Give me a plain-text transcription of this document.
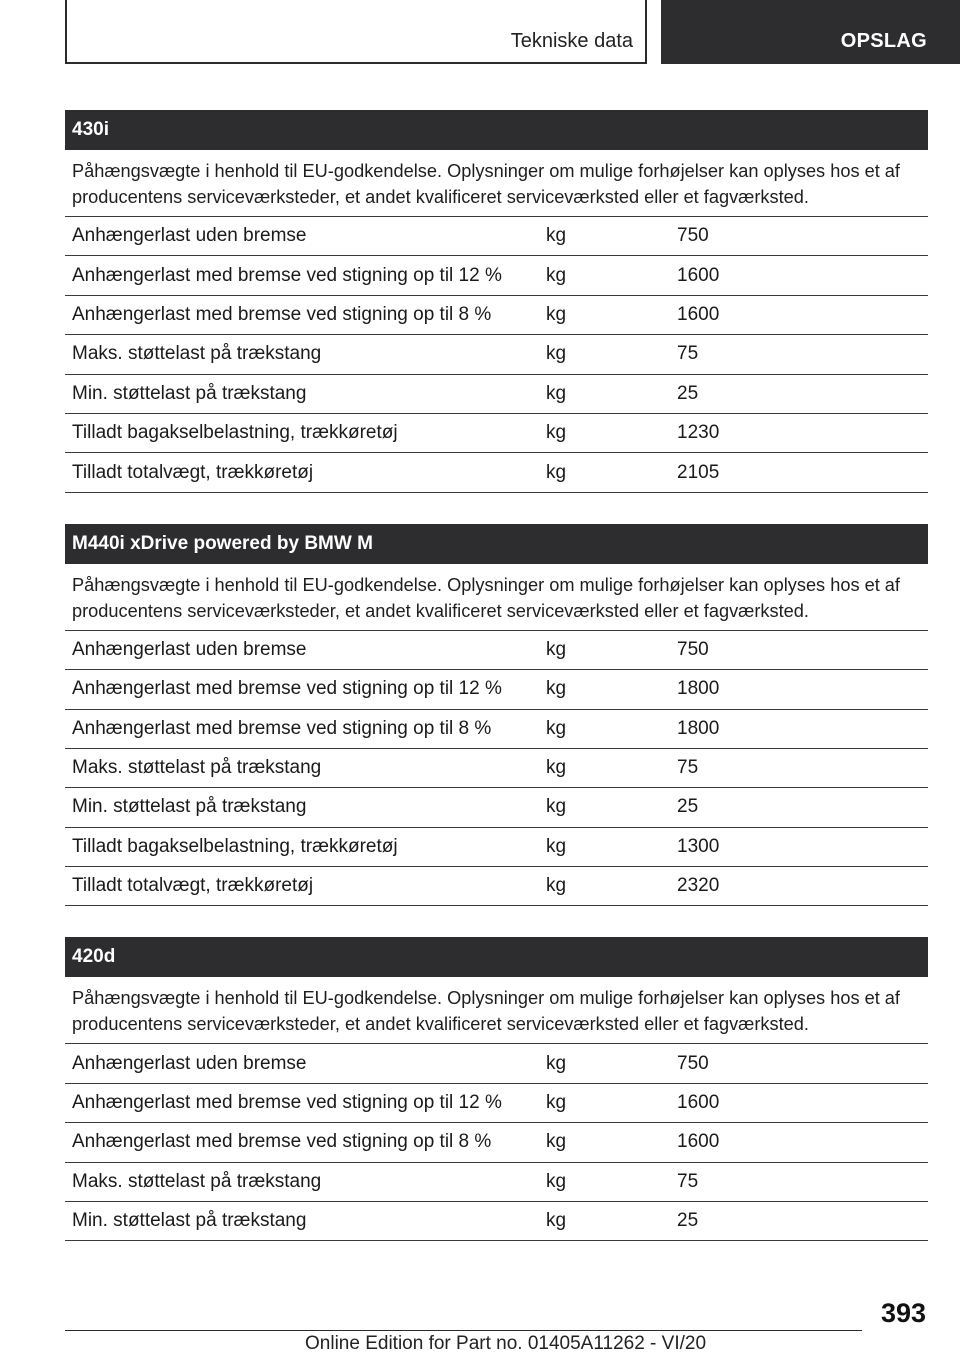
Tekniske data	OPSLAG
430i
Påhængsvægte i henhold til EU-godkendelse. Oplysninger om mulige forhøjelser kan oplyses hos et af producentens serviceværksteder, et andet kvalificeret serviceværksted eller et fagværksted.
Anhængerlast uden bremse	kg	750
Anhængerlast med bremse ved stigning op til 12 %	kg	1600
Anhængerlast med bremse ved stigning op til 8 %	kg	1600
Maks. støttelast på trækstang	kg	75
Min. støttelast på trækstang	kg	25
Tilladt bagakselbelastning, trækkøretøj	kg	1230
Tilladt totalvægt, trækkøretøj	kg	2105
M440i xDrive powered by BMW M
Påhængsvægte i henhold til EU-godkendelse. Oplysninger om mulige forhøjelser kan oplyses hos et af producentens serviceværksteder, et andet kvalificeret serviceværksted eller et fagværksted.
Anhængerlast uden bremse	kg	750
Anhængerlast med bremse ved stigning op til 12 %	kg	1800
Anhængerlast med bremse ved stigning op til 8 %	kg	1800
Maks. støttelast på trækstang	kg	75
Min. støttelast på trækstang	kg	25
Tilladt bagakselbelastning, trækkøretøj	kg	1300
Tilladt totalvægt, trækkøretøj	kg	2320
420d
Påhængsvægte i henhold til EU-godkendelse. Oplysninger om mulige forhøjelser kan oplyses hos et af producentens serviceværksteder, et andet kvalificeret serviceværksted eller et fagværksted.
Anhængerlast uden bremse	kg	750
Anhængerlast med bremse ved stigning op til 12 %	kg	1600
Anhængerlast med bremse ved stigning op til 8 %	kg	1600
Maks. støttelast på trækstang	kg	75
Min. støttelast på trækstang	kg	25
393
Online Edition for Part no. 01405A11262 - VI/20
